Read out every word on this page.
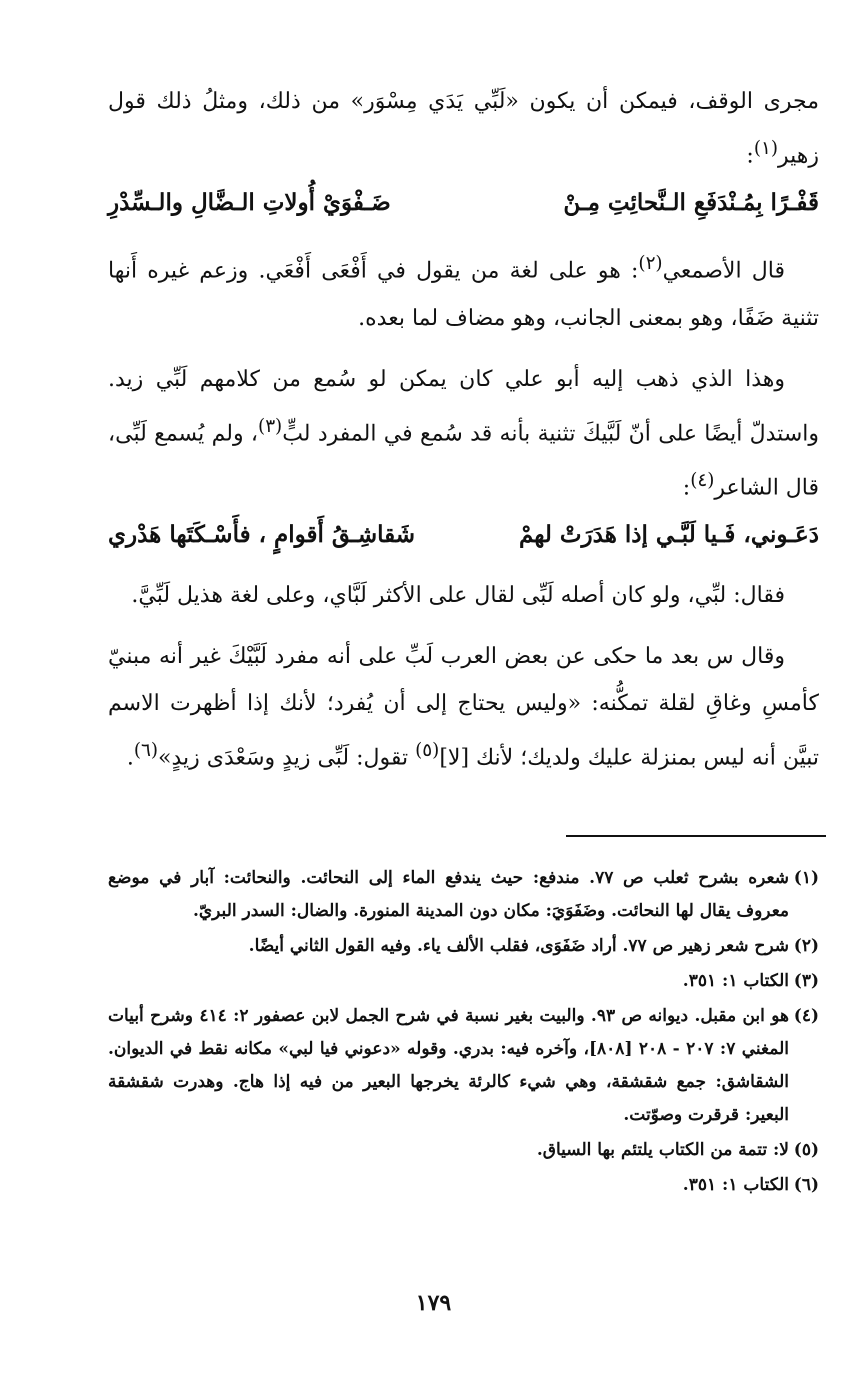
مجرى الوقف، فيمكن أن يكون «لَبِّي يَدَي مِسْوَر» من ذلك، ومثلُ ذلك قول زهير$^{(١)}$:

قَفْـرًا بِمُـنْدَفَعِ الـنَّحائِتِ مِـنْ
ضَـفْوَيْ أُولاتِ الـضَّالِ والـسِّدْرِ

قال الأصمعي$^{(٢)}$: هو على لغة من يقول في أَفْعَى أَفْعَي. وزعم غيره أَنها تثنية ضَفًا، وهو بمعنى الجانب، وهو مضاف لما بعده.

وهذا الذي ذهب إليه أبو علي كان يمكن لو سُمع من كلامهم لَبِّي زيد. واستدلّ أيضًا على أنّ لَبَّيكَ تثنية بأنه قد سُمع في المفرد لبٍّ$^{(٣)}$، ولم يُسمع لَبِّى، قال الشاعر$^{(٤)}$:

دَعَـوني، فَـيا لَبَّـي إذا هَدَرَتْ لهمْ
شَقاشِـقُ أَقوامٍ ، فأَسْـكَتَها هَدْري

فقال: لبِّي، ولو كان أصله لَبِّى لقال على الأكثر لَبَّاي، وعلى لغة هذيل لَبِّيَّ.

وقال س بعد ما حكى عن بعض العرب لَبِّ على أنه مفرد لَبَّيْكَ غير أنه مبنيّ كأمسِ وغاقِ لقلة تمكُّنه: «وليس يحتاج إلى أن يُفرد؛ لأنك إذا أظهرت الاسم تبيَّن أنه ليس بمنزلة عليك ولديك؛ لأنك [لا]$^{(٥)}$ تقول: لَبِّى زيدٍ وسَعْدَى زيدٍ»$^{(٦)}$.

(١)
شعره بشرح ثعلب ص ٧٧. مندفع: حيث يندفع الماء إلى النحائت. والنحائت: آبار في موضع معروف يقال لها النحائت. وضَفَوَيَ: مكان دون المدينة المنورة. والضال: السدر البريّ.
(٢)
شرح شعر زهير ص ٧٧. أراد ضَفَوَى، فقلب الألف ياء. وفيه القول الثاني أيضًا.
(٣)
الكتاب ١: ٣٥١.
(٤)
هو ابن مقبل. ديوانه ص ٩٣. والبيت بغير نسبة في شرح الجمل لابن عصفور ٢: ٤١٤ وشرح أبيات المغني ٧: ٢٠٧ - ٢٠٨ [٨٠٨]، وآخره فيه: بدري. وقوله «دعوني فيا لبي» مكانه نقط في الديوان. الشقاشق: جمع شقشقة، وهي شيء كالرئة يخرجها البعير من فيه إذا هاج. وهدرت شقشقة البعير: قرقرت وصوّتت.
(٥)
لا: تتمة من الكتاب يلتئم بها السياق.
(٦)
الكتاب ١: ٣٥١.
١٧٩
